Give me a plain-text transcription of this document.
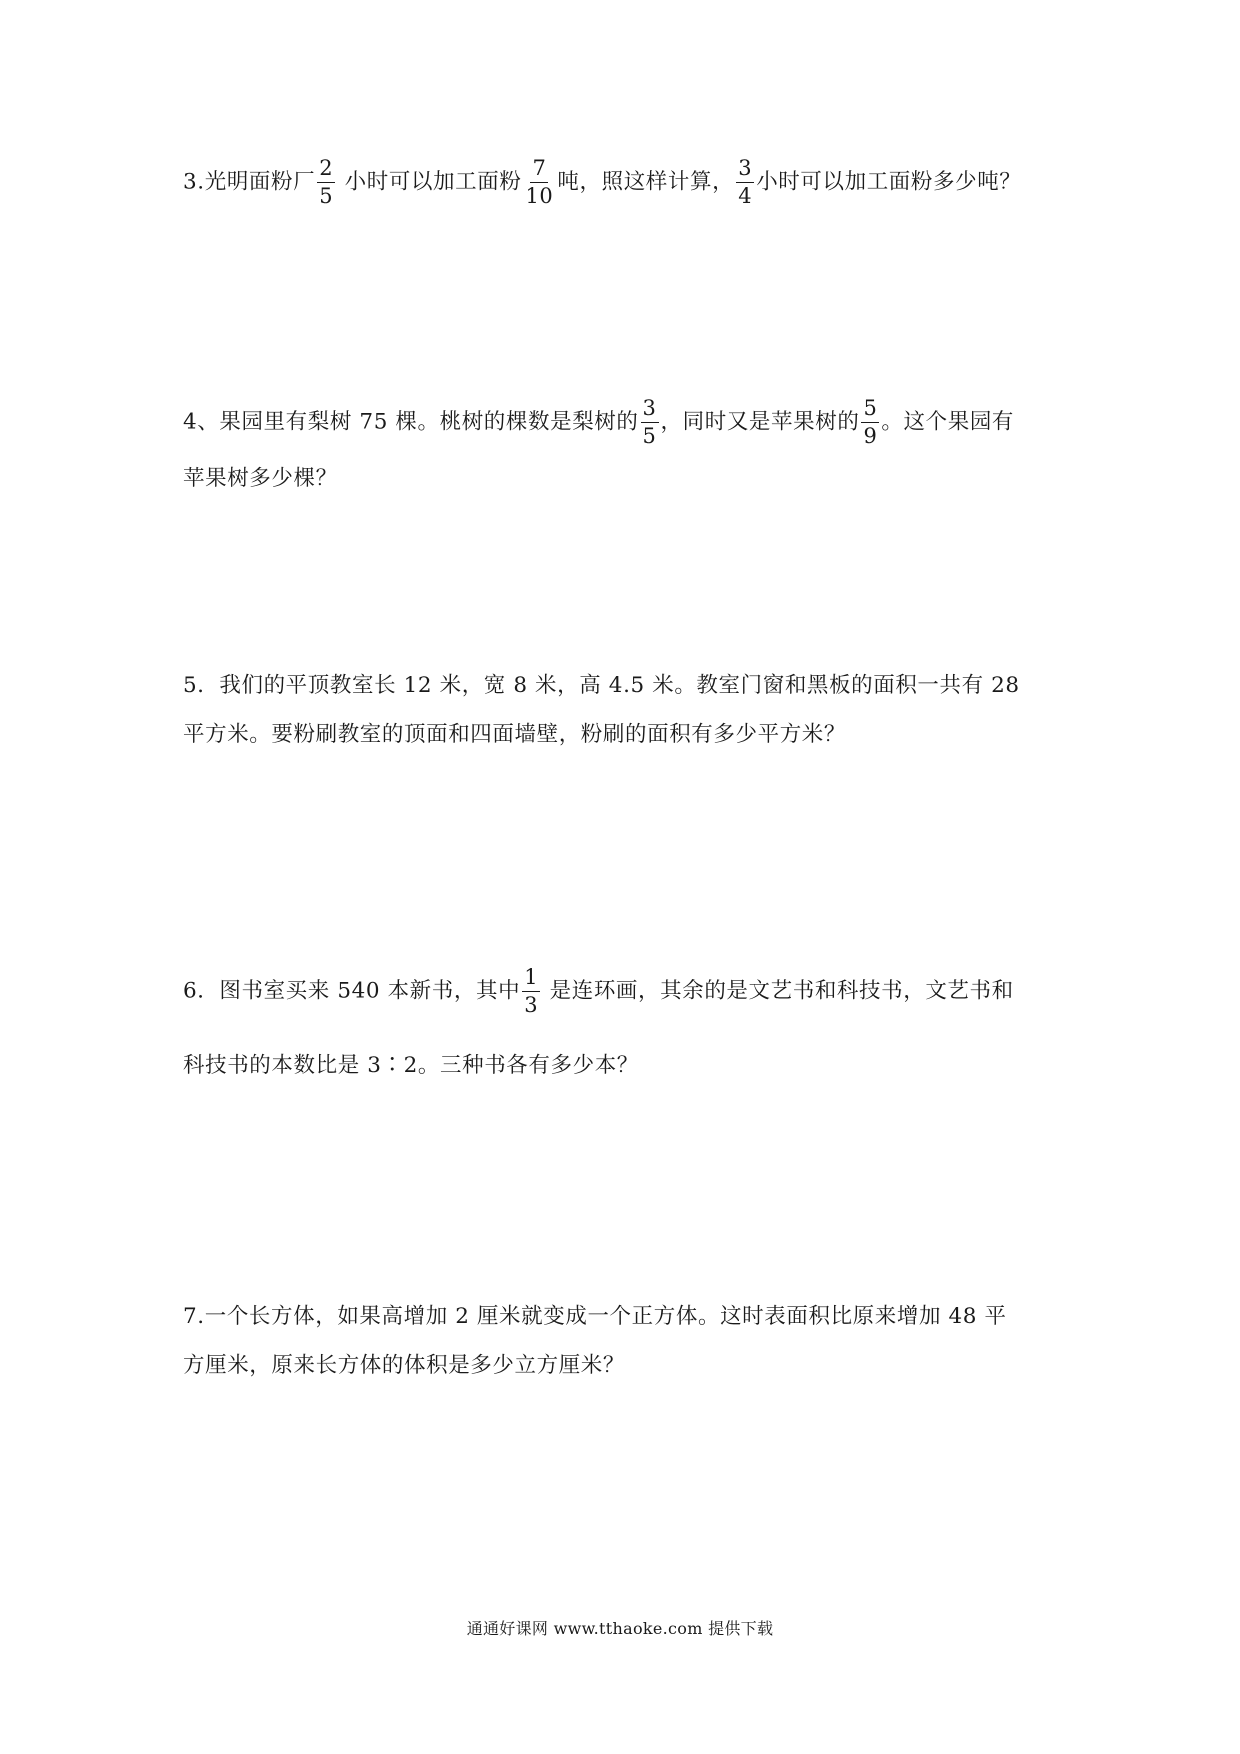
3.光明面粉厂 $\frac{2}{5}$ 小时可以加工面粉 $\frac{7}{10}$ 吨，照这样计算， $\frac{3}{4}$ 小时可以加工面粉多少吨？
4、果园里有梨树 75 棵。桃树的棵数是梨树的 $\frac{3}{5}$ ，同时又是苹果树的 $\frac{5}{9}$ 。这个果园有
苹果树多少棵？
5．我们的平顶教室长 12 米，宽 8 米，高 4.5 米。教室门窗和黑板的面积一共有 28
平方米。要粉刷教室的顶面和四面墙壁，粉刷的面积有多少平方米？
6．图书室买来 540 本新书，其中 $\frac{1}{3}$ 是连环画，其余的是文艺书和科技书，文艺书和
科技书的本数比是 3∶2。三种书各有多少本？
7.一个长方体，如果高增加 2 厘米就变成一个正方体。这时表面积比原来增加 48 平
方厘米，原来长方体的体积是多少立方厘米？
通通好课网 www.tthaoke.com 提供下载
